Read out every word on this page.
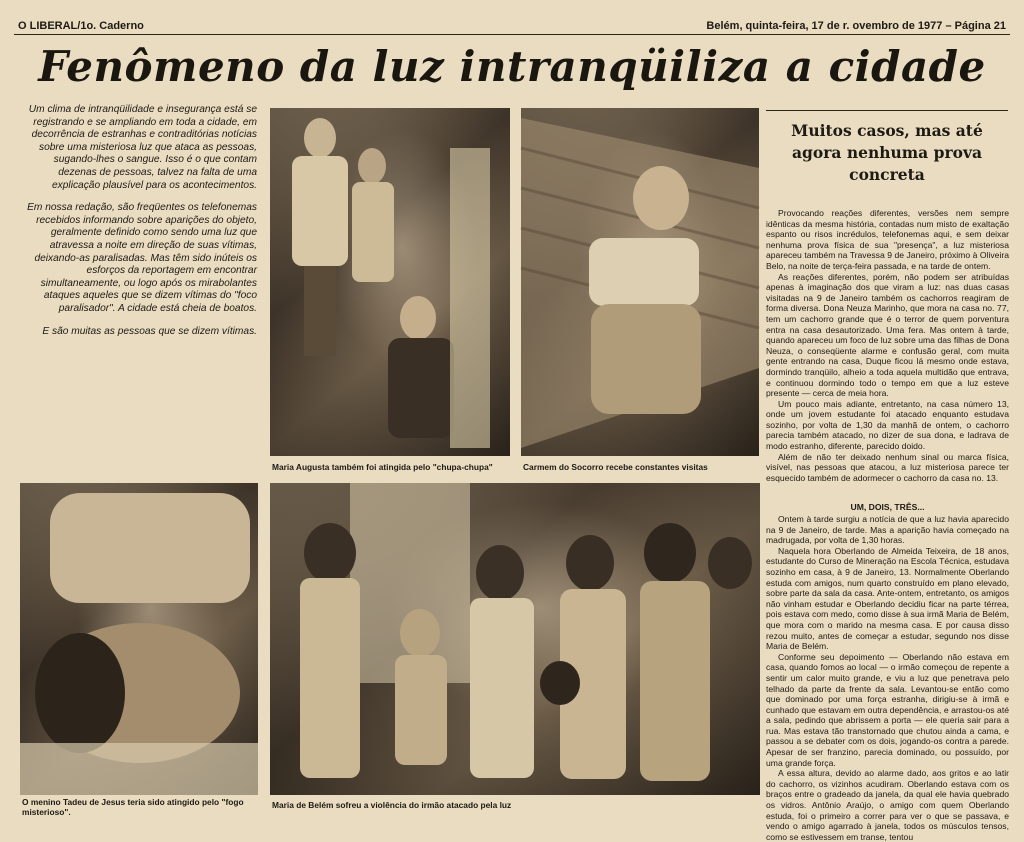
O LIBERAL/1o. Caderno	Belém, quinta-feira, 17 de r. ovembro de 1977 – Página 21
Fenômeno da luz intranqüiliza a cidade

Um clima de intranqüilidade e insegurança está se registrando e se ampliando em toda a cidade, em decorrência de estranhas e contraditórias notícias sobre uma misteriosa luz que ataca as pessoas, sugando-lhes o sangue. Isso é o que contam dezenas de pessoas, talvez na falta de uma explicação plausível para os acontecimentos.

Em nossa redação, são freqüentes os telefonemas recebidos informando sobre aparições do objeto, geralmente definido como sendo uma luz que atravessa a noite em direção de suas vítimas, deixando-as paralisadas. Mas têm sido inúteis os esforços da reportagem em encontrar simultaneamente, ou logo após os mirabolantes ataques aqueles que se dizem vítimas do "foco paralisador". A cidade está cheia de boatos.

E são muitas as pessoas que se dizem vítimas.

Maria Augusta também foi atingida pelo "chupa-chupa"	Carmem do Socorro recebe constantes visitas
O menino Tadeu de Jesus teria sido atingido pelo "fogo misterioso".
Maria de Belém sofreu a violência do irmão atacado pela luz
Muitos casos, mas até agora nenhuma prova concreta

Provocando reações diferentes, versões nem sempre idênticas da mesma história, contadas num misto de exaltação espanto ou risos incrédulos, telefonemas aqui, e sem deixar nenhuma prova física de sua "presença", a luz misteriosa apareceu também na Travessa 9 de Janeiro, próximo à Oliveira Belo, na noite de terça-feira passada, e na tarde de ontem.

As reações diferentes, porém, não podem ser atribuídas apenas à imaginação dos que viram a luz: nas duas casas visitadas na 9 de Janeiro também os cachorros reagiram de forma diversa. Dona Neuza Marinho, que mora na casa no. 77, tem um cachorro grande que é o terror de quem porventura entra na casa desautorizado. Uma fera. Mas ontem à tarde, quando apareceu um foco de luz sobre uma das filhas de Dona Neuza, o conseqüente alarme e confusão geral, com muita gente entrando na casa, Duque ficou lá mesmo onde estava, dormindo tranqüilo, alheio a toda aquela multidão que entrava, e continuou dormindo todo o tempo em que a luz esteve presente — cerca de meia hora.

Um pouco mais adiante, entretanto, na casa número 13, onde um jovem estudante foi atacado enquanto estudava sozinho, por volta de 1,30 da manhã de ontem, o cachorro parecia também atacado, no dizer de sua dona, e ladrava de modo estranho, diferente, parecido doido.

Além de não ter deixado nenhum sinal ou marca física, visível, nas pessoas que atacou, a luz misteriosa parece ter esquecido também de adormecer o cachorro da casa no. 13.

UM, DOIS, TRÊS...

Ontem à tarde surgiu a notícia de que a luz havia aparecido na 9 de Janeiro, de tarde. Mas a aparição havia começado na madrugada, por volta de 1,30 horas.

Naquela hora Oberlando de Almeida Teixeira, de 18 anos, estudante do Curso de Mineração na Escola Técnica, estudava sozinho em casa, à 9 de Janeiro, 13. Normalmente Oberlando estuda com amigos, num quarto construído em plano elevado, sobre parte da sala da casa. Ante-ontem, entretanto, os amigos não vinham estudar e Oberlando decidiu ficar na parte térrea, pois estava com medo, como disse à sua irmã Maria de Belém, que mora com o marido na mesma casa. E por causa disso rezou muito, antes de começar a estudar, segundo nos disse Maria de Belém.

Conforme seu depoimento — Oberlando não estava em casa, quando fomos ao local — o irmão começou de repente a sentir um calor muito grande, e viu a luz que penetrava pelo telhado da parte da frente da sala. Levantou-se então como que dominado por uma força estranha, dirigiu-se à irmã e cunhado que estavam em outra dependência, e arrastou-os até a sala, pedindo que abrissem a porta — ele queria sair para a rua. Mas estava tão transtornado que chutou ainda a cama, e passou a se debater com os dois, jogando-os contra a parede. Apesar de ser franzino, parecia dominado, ou possuído, por uma grande força.

A essa altura, devido ao alarme dado, aos gritos e ao latir do cachorro, os vizinhos acudiram. Oberlando estava com os braços entre o gradeado da janela, da qual ele havia quebrado os vidros. Antônio Araújo, o amigo com quem Oberlando estuda, foi o primeiro a correr para ver o que se passava, e vendo o amigo agarrado à janela, todos os músculos tensos, como se estivessem em transe, tentou
